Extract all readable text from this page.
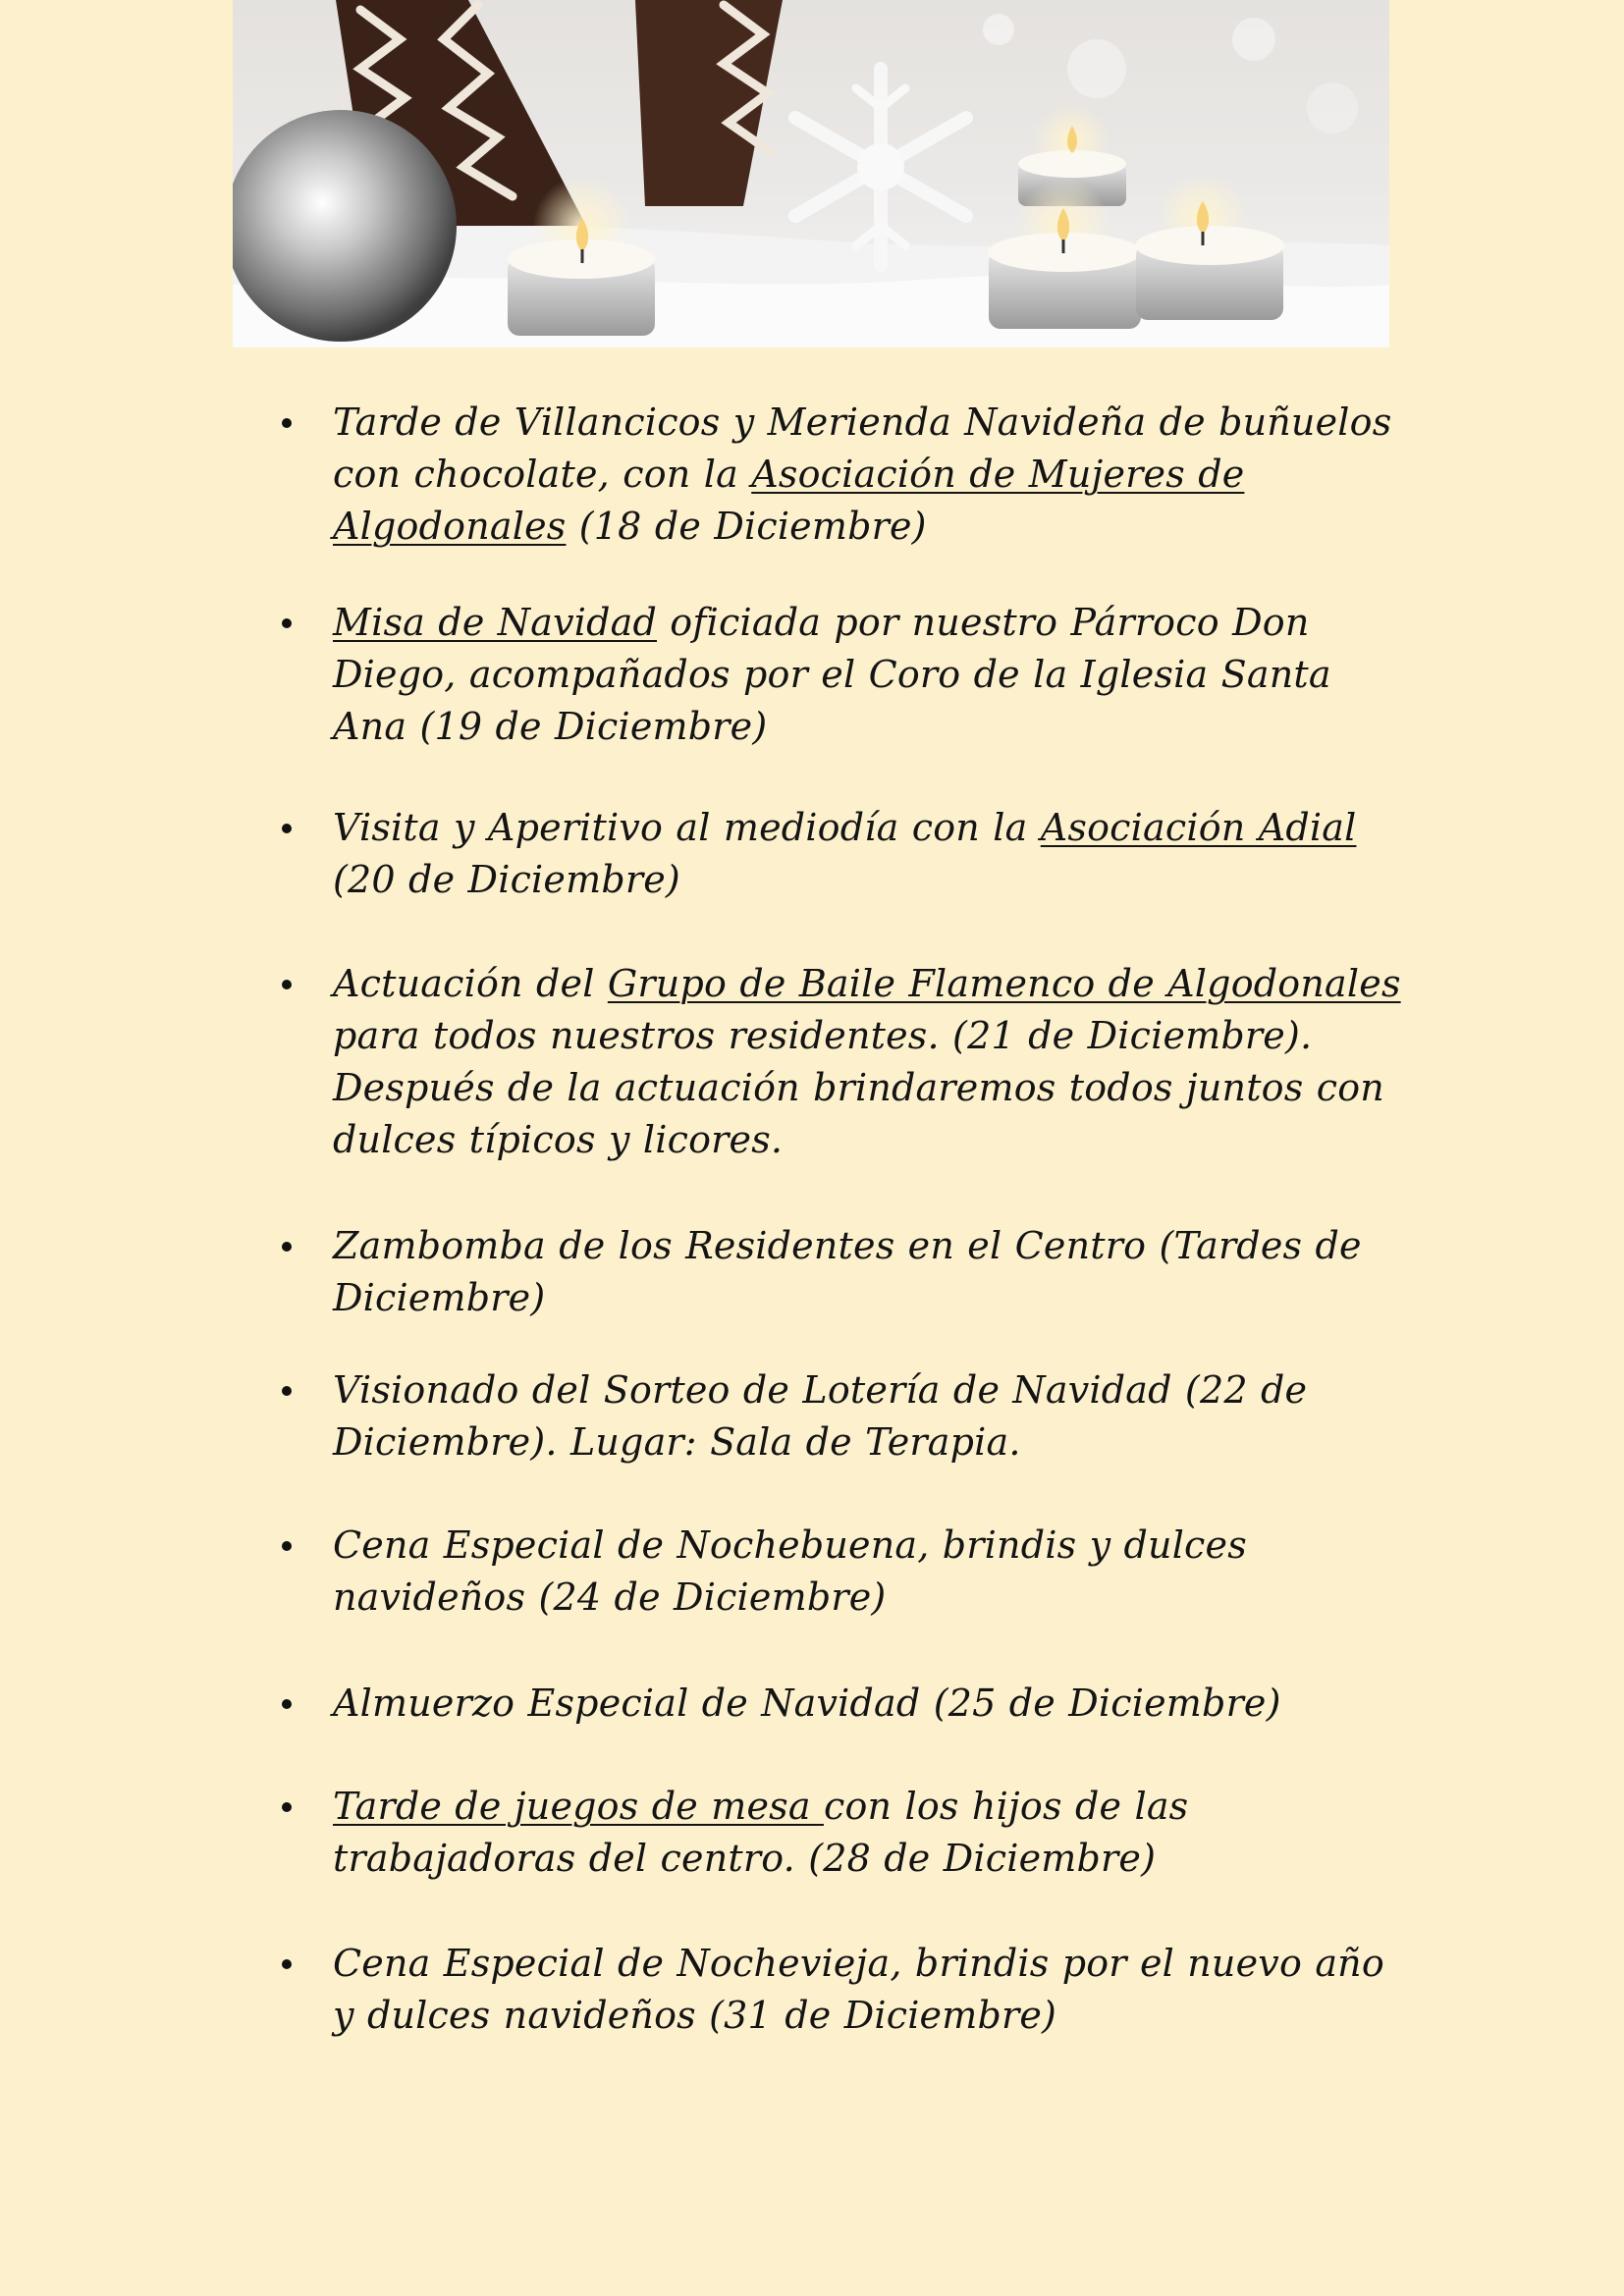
Tarde de Villancicos y Merienda Navideña de buñuelos con chocolate, con la Asociación de Mujeres de Algodonales (18 de Diciembre)
Misa de Navidad oficiada por nuestro Párroco Don Diego, acompañados por el Coro de la Iglesia Santa Ana (19 de Diciembre)
Visita y Aperitivo al mediodía con la Asociación Adial (20 de Diciembre)
Actuación del Grupo de Baile Flamenco de Algodonales para todos nuestros residentes. (21 de Diciembre). Después de la actuación brindaremos todos juntos con dulces típicos y licores.
Zambomba de los Residentes en el Centro (Tardes de Diciembre)
Visionado del Sorteo de Lotería de Navidad (22 de Diciembre). Lugar: Sala de Terapia.
Cena Especial de Nochebuena, brindis y dulces navideños (24 de Diciembre)
Almuerzo Especial de Navidad (25 de Diciembre)
Tarde de juegos de mesa con los hijos de las trabajadoras del centro. (28 de Diciembre)
Cena Especial de Nochevieja, brindis por el nuevo año y dulces navideños (31 de Diciembre)
